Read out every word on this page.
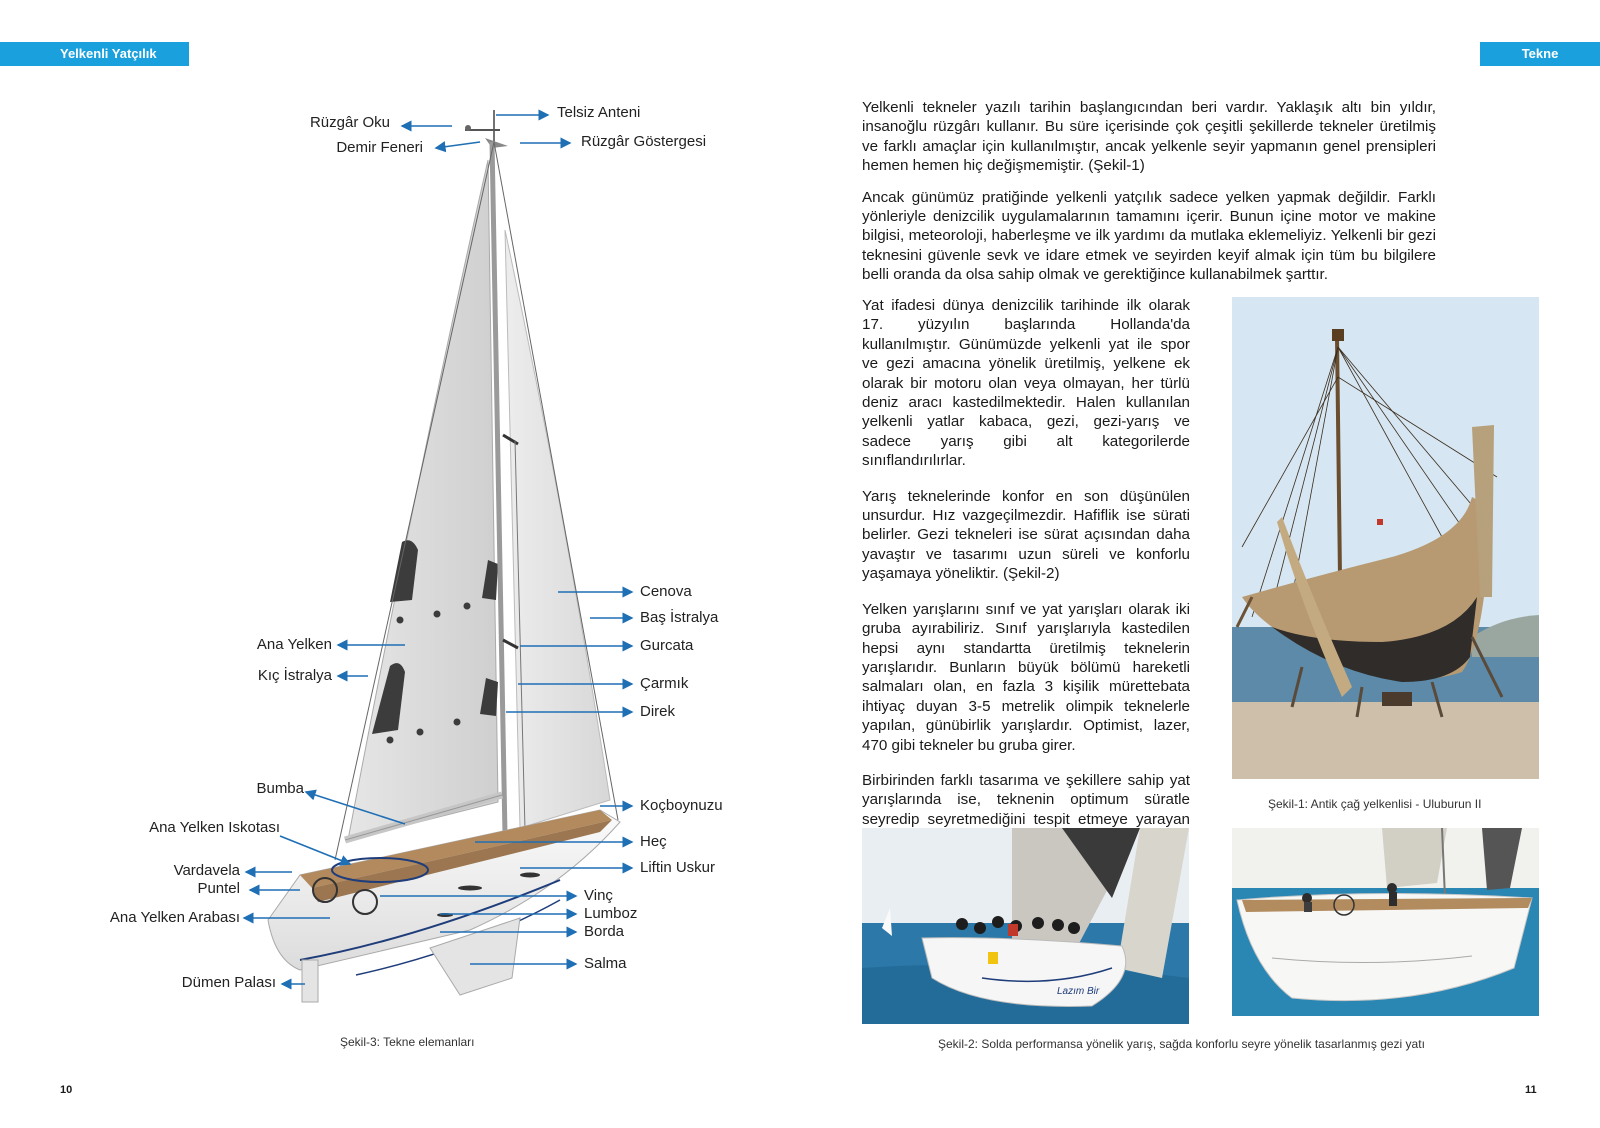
Yelkenli Yatçılık	Tekne
Telsiz Anteni
Rüzgâr Oku
Rüzgâr Göstergesi
Demir Feneri
Cenova
Baş İstralya
Ana Yelken	Gurcata
Kıç İstralya	Çarmık
Direk
Bumba
Koçboynuzu
Ana Yelken Iskotası
Heç
Vardavela	Liftin Uskur
Puntel	Vinç
Ana Yelken Arabası	Lumboz
Borda
Salma
Dümen Palası
Şekil-3: Tekne elemanları

Yelkenli tekneler yazılı tarihin başlangıcından beri vardır. Yaklaşık altı bin yıldır, insanoğlu rüzgârı kullanır. Bu süre içerisinde çok çeşitli şekillerde tekneler üretilmiş ve farklı amaçlar için kullanılmıştır, ancak yelkenle seyir yapmanın genel prensipleri hemen hemen hiç değişmemiştir. (Şekil-1)

Ancak günümüz pratiğinde yelkenli yatçılık sadece yelken yapmak değildir. Farklı yönleriyle denizcilik uygulamalarının tamamını içerir. Bunun içine motor ve makine bilgisi, meteoroloji, haberleşme ve ilk yardımı da mutlaka eklemeliyiz. Yelkenli bir gezi teknesini güvenle sevk ve idare etmek ve seyirden keyif almak için tüm bu bilgilere belli oranda da olsa sahip olmak ve gerektiğince kullanabilmek şarttır.

Yat ifadesi dünya denizcilik tarihinde ilk olarak 17. yüzyılın başlarında Hollanda'da kullanılmıştır. Günümüzde yelkenli yat ile spor ve gezi amacına yönelik üretilmiş, yelkene ek olarak bir motoru olan veya olmayan, her türlü deniz aracı kastedilmektedir. Halen kullanılan yelkenli yatlar kabaca, gezi, gezi-yarış ve sadece yarış gibi alt kategorilerde sınıflandırılırlar.

Yarış teknelerinde konfor en son düşünülen unsurdur. Hız vazgeçilmezdir. Hafiflik ise sürati belirler. Gezi tekneleri ise sürat açısından daha yavaştır ve tasarımı uzun süreli ve konforlu yaşamaya yöneliktir. (Şekil-2)

Yelken yarışlarını sınıf ve yat yarışları olarak iki gruba ayırabiliriz. Sınıf yarışlarıyla kastedilen hepsi aynı standartta üretilmiş teknelerin yarışlarıdır. Bunların büyük bölümü hareketli salmaları olan, en fazla 3 kişilik mürettebata ihtiyaç duyan 3-5 metrelik olimpik teknelerle yapılan, günübirlik yarışlardır. Optimist, lazer, 470 gibi tekneler bu gruba girer.

Birbirinden farklı tasarıma ve şekillere sahip yat yarışlarında ise, teknenin optimum süratle seyredip seyretmediğini tespit etmeye yarayan

Şekil-1: Antik çağ yelkenlisi - Uluburun II
Lazım Bir
Şekil-2: Solda performansa yönelik yarış, sağda konforlu seyre yönelik tasarlanmış gezi yatı
10	11
